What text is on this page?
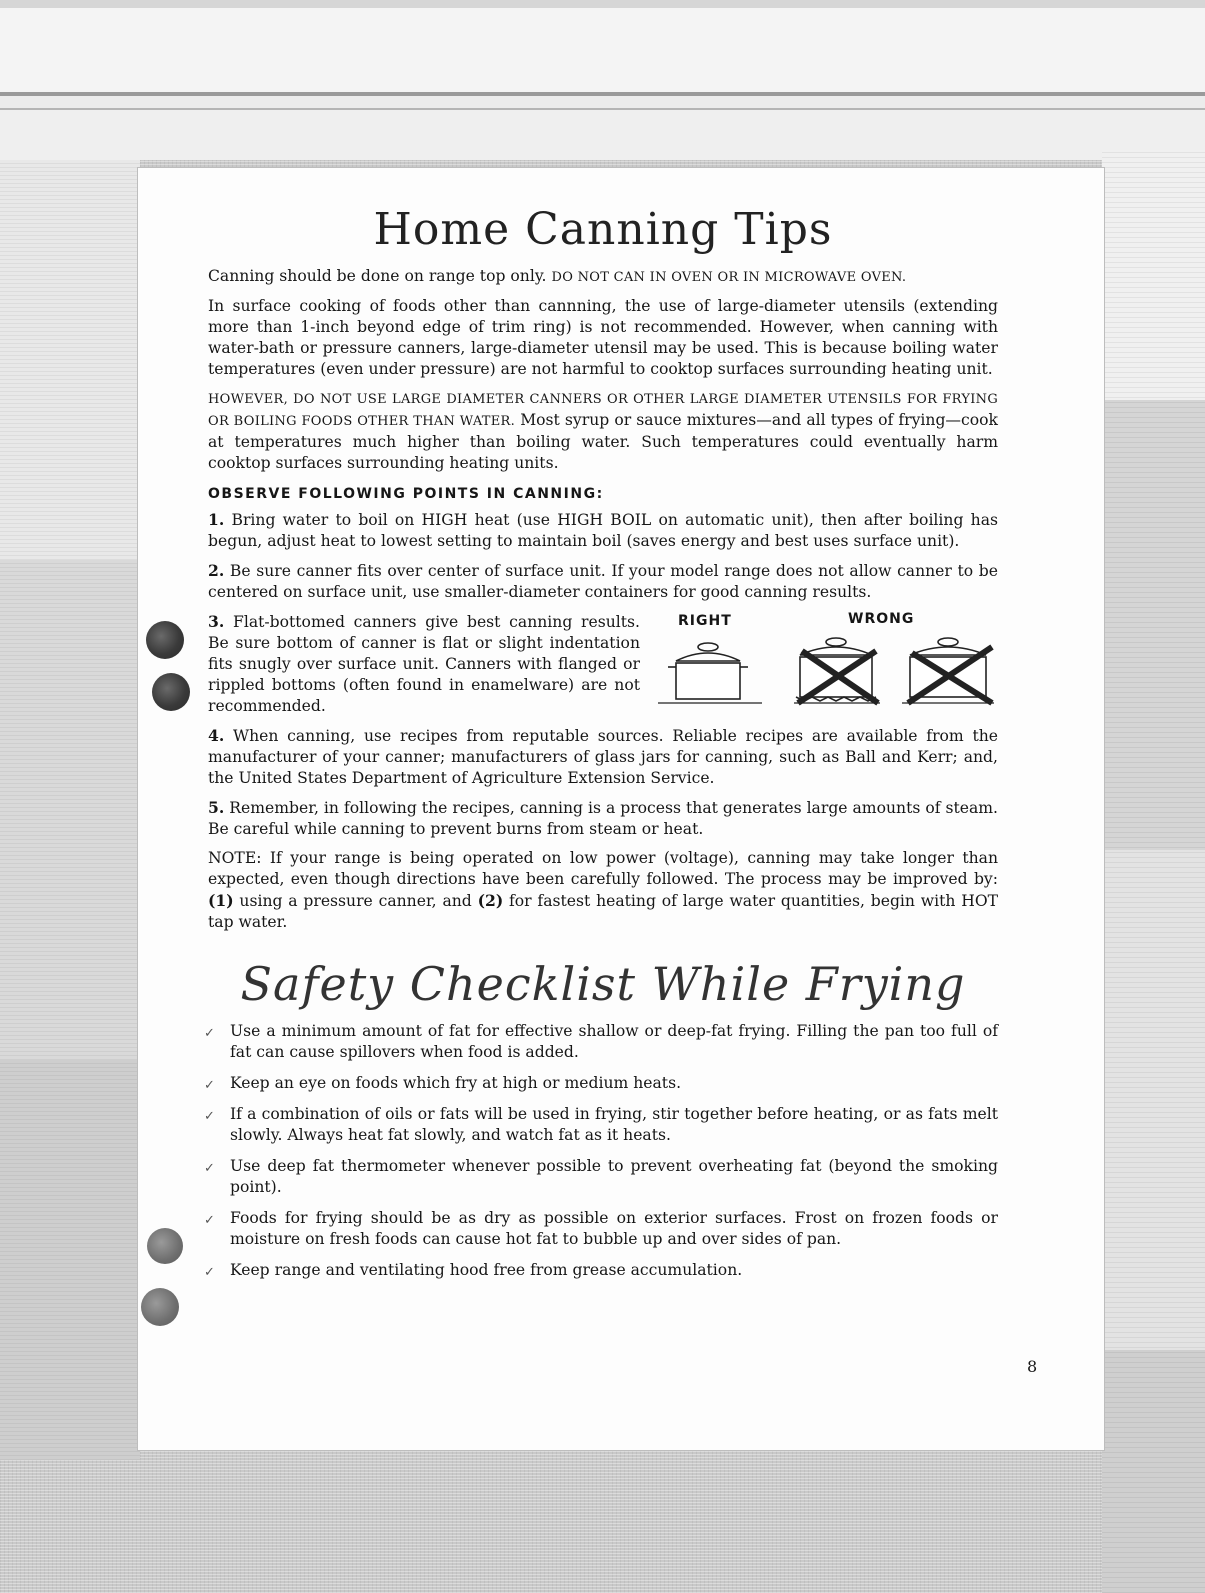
Home Canning Tips

Canning should be done on range top only. DO NOT CAN IN OVEN OR IN MICROWAVE OVEN.

In surface cooking of foods other than cannning, the use of large-diameter utensils (extending more than 1-inch beyond edge of trim ring) is not recommended. However, when canning with water-bath or pressure canners, large-diameter utensil may be used. This is because boiling water temperatures (even under pressure) are not harmful to cooktop surfaces surrounding heating unit.

HOWEVER, DO NOT USE LARGE DIAMETER CANNERS OR OTHER LARGE DIAMETER UTENSILS FOR FRYING OR BOILING FOODS OTHER THAN WATER. Most syrup or sauce mixtures—and all types of frying—cook at temperatures much higher than boiling water. Such temperatures could eventually harm cooktop surfaces surrounding heating units.

OBSERVE FOLLOWING POINTS IN CANNING:

1. Bring water to boil on HIGH heat (use HIGH BOIL on automatic unit), then after boiling has begun, adjust heat to lowest setting to maintain boil (saves energy and best uses surface unit).

2. Be sure canner fits over center of surface unit. If your model range does not allow canner to be centered on surface unit, use smaller-diameter containers for good canning results.

3. Flat-bottomed canners give best canning results. Be sure bottom of canner is flat or slight indentation fits snugly over surface unit. Canners with flanged or rippled bottoms (often found in enamelware) are not recommended.
RIGHT	WRONG

4. When canning, use recipes from reputable sources. Reliable recipes are available from the manufacturer of your canner; manufacturers of glass jars for canning, such as Ball and Kerr; and, the United States Department of Agriculture Extension Service.

5. Remember, in following the recipes, canning is a process that generates large amounts of steam. Be careful while canning to prevent burns from steam or heat.

NOTE: If your range is being operated on low power (voltage), canning may take longer than expected, even though directions have been carefully followed. The process may be improved by: (1) using a pressure canner, and (2) for fastest heating of large water quantities, begin with HOT tap water.

Safety Checklist While Frying
✓ Use a minimum amount of fat for effective shallow or deep-fat frying. Filling the pan too full of fat can cause spillovers when food is added.
✓ Keep an eye on foods which fry at high or medium heats.
✓ If a combination of oils or fats will be used in frying, stir together before heating, or as fats melt slowly. Always heat fat slowly, and watch fat as it heats.
✓ Use deep fat thermometer whenever possible to prevent overheating fat (beyond the smoking point).
✓ Foods for frying should be as dry as possible on exterior surfaces. Frost on frozen foods or moisture on fresh foods can cause hot fat to bubble up and over sides of pan.
✓ Keep range and ventilating hood free from grease accumulation.
8
